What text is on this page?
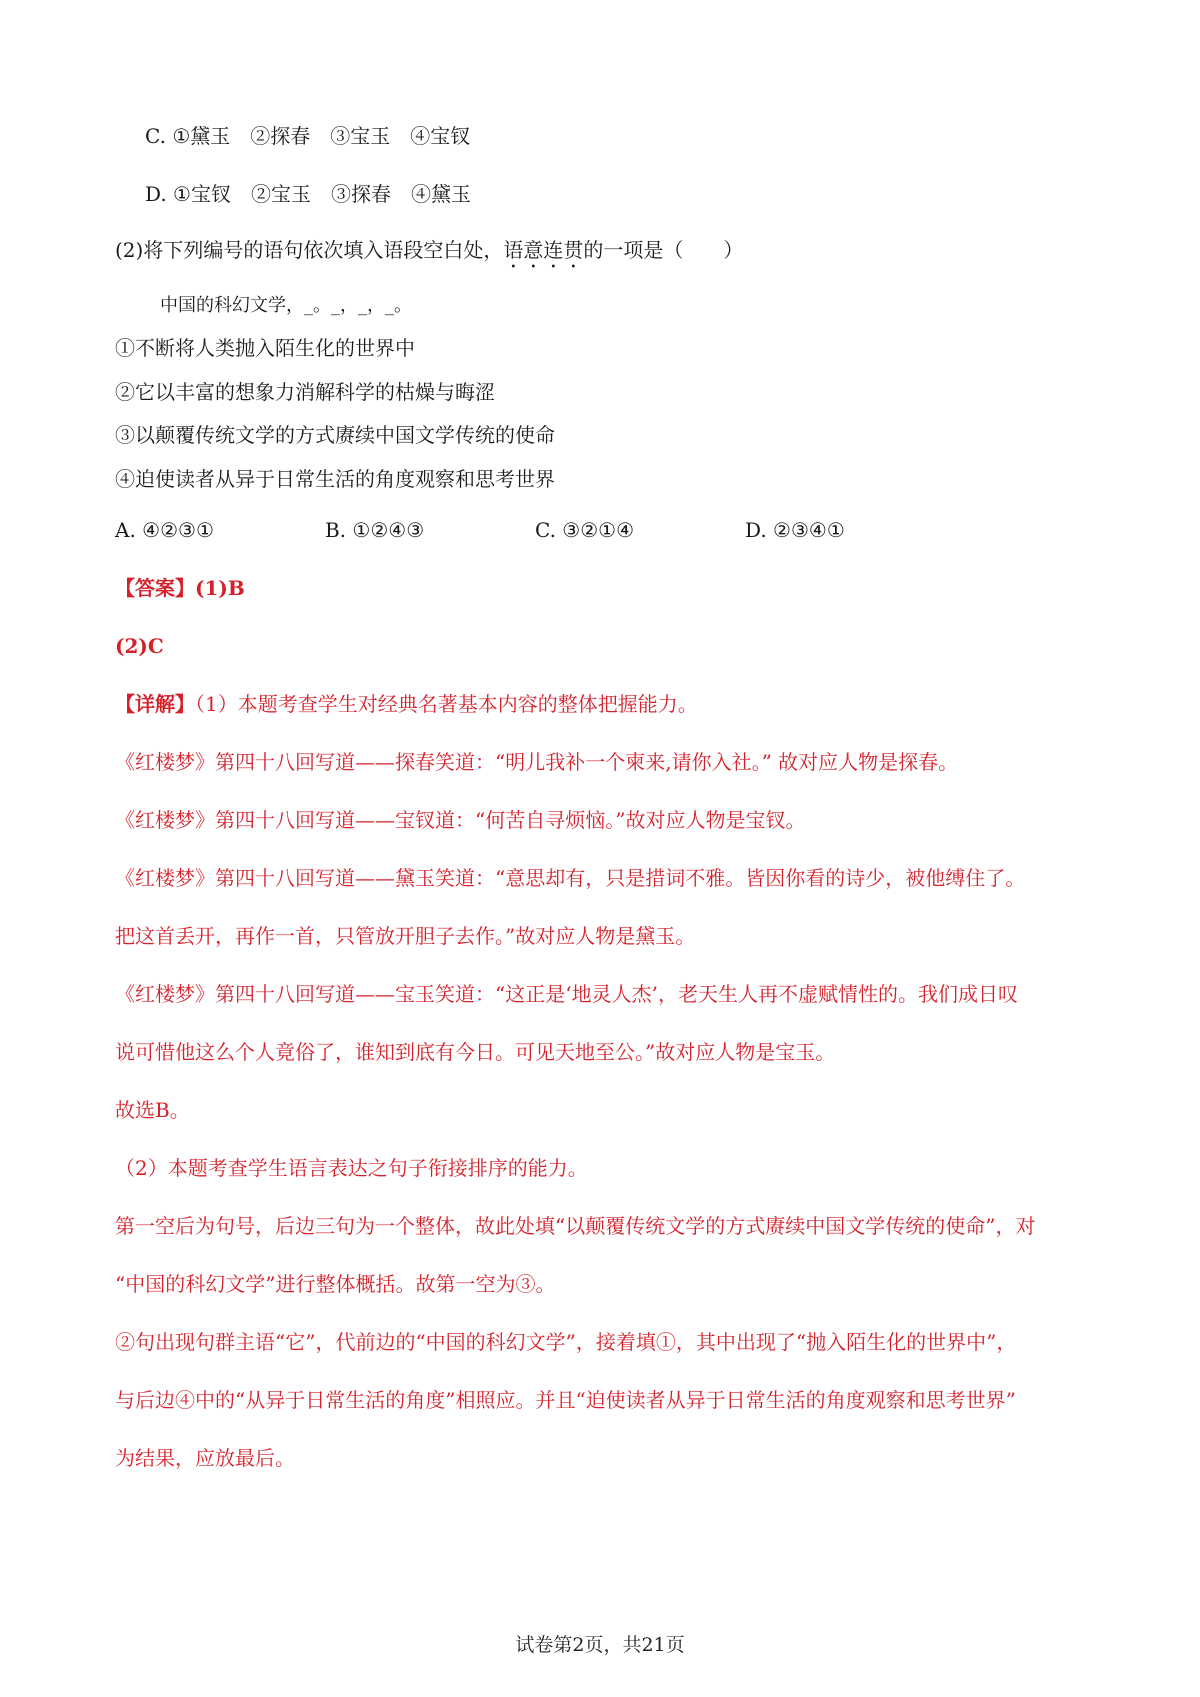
C. ①黛玉　②探春　③宝玉　④宝钗
D. ①宝钗　②宝玉　③探春　④黛玉
(2)将下列编号的语句依次填入语段空白处，语意连贯的一项是（　　）
中国的科幻文学，_。_，_，_。
①不断将人类抛入陌生化的世界中
②它以丰富的想象力消解科学的枯燥与晦涩
③以颠覆传统文学的方式赓续中国文学传统的使命
④迫使读者从异于日常生活的角度观察和思考世界
A. ④②③①	B. ①②④③	C. ③②①④	D. ②③④①
【答案】(1)B
(2)C
【详解】（1）本题考查学生对经典名著基本内容的整体把握能力。
《红楼梦》第四十八回写道——探春笑道：“明儿我补一个柬来,请你入社。” 故对应人物是探春。
《红楼梦》第四十八回写道——宝钗道：“何苦自寻烦恼。”故对应人物是宝钗。
《红楼梦》第四十八回写道——黛玉笑道：“意思却有，只是措词不雅。皆因你看的诗少，被他缚住了。
把这首丢开，再作一首，只管放开胆子去作。”故对应人物是黛玉。
《红楼梦》第四十八回写道——宝玉笑道：“这正是‘地灵人杰’，老天生人再不虚赋情性的。我们成日叹
说可惜他这么个人竟俗了，谁知到底有今日。可见天地至公。”故对应人物是宝玉。
故选B。
（2）本题考查学生语言表达之句子衔接排序的能力。
第一空后为句号，后边三句为一个整体，故此处填“以颠覆传统文学的方式赓续中国文学传统的使命”，对
“中国的科幻文学”进行整体概括。故第一空为③。
②句出现句群主语“它”，代前边的“中国的科幻文学”，接着填①，其中出现了“抛入陌生化的世界中”，
与后边④中的“从异于日常生活的角度”相照应。并且“迫使读者从异于日常生活的角度观察和思考世界”
为结果，应放最后。
试卷第2页，共21页
